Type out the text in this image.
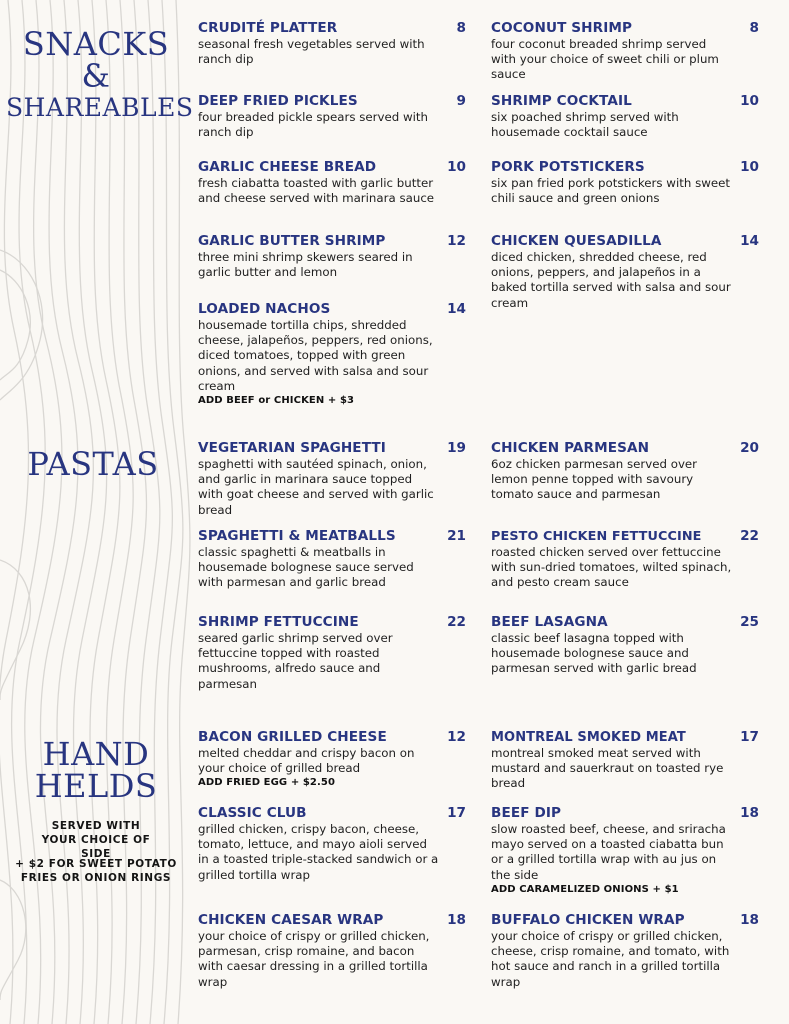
SNACKS &
SHAREABLES
PASTAS
HAND
HELDS
SERVED WITH YOUR CHOICE OF SIDE
+ $2 FOR SWEET POTATO FRIES OR ONION RINGS
CRUDITÉ PLATTER	8
seasonal fresh vegetables served with ranch dip
DEEP FRIED PICKLES	9
four breaded pickle spears served with ranch dip
GARLIC CHEESE BREAD	10
fresh ciabatta toasted with garlic butter and cheese served with marinara sauce
GARLIC BUTTER SHRIMP	12
three mini shrimp skewers seared in garlic butter and lemon
LOADED NACHOS	14
housemade tortilla chips, shredded cheese, jalapeños, peppers, red onions, diced tomatoes, topped with green onions, and served with salsa and sour cream
ADD BEEF or CHICKEN + $3
COCONUT SHRIMP	8
four coconut breaded shrimp served with your choice of sweet chili or plum sauce
SHRIMP COCKTAIL	10
six poached shrimp served with housemade cocktail sauce
PORK POTSTICKERS	10
six pan fried pork potstickers with sweet chili sauce and green onions
CHICKEN QUESADILLA	14
diced chicken, shredded cheese, red onions, peppers, and jalapeños in a baked tortilla served with salsa and sour cream
VEGETARIAN SPAGHETTI	19
spaghetti with sautéed spinach, onion, and garlic in marinara sauce topped with goat cheese and served with garlic bread
SPAGHETTI & MEATBALLS	21
classic spaghetti & meatballs in housemade bolognese sauce served with parmesan and garlic bread
SHRIMP FETTUCCINE	22
seared garlic shrimp served over fettuccine topped with roasted mushrooms, alfredo sauce and parmesan
CHICKEN PARMESAN	20
6oz chicken parmesan served over lemon penne topped with savoury tomato sauce and parmesan
PESTO CHICKEN FETTUCCINE	22
roasted chicken served over fettuccine with sun-dried tomatoes, wilted spinach, and pesto cream sauce
BEEF LASAGNA	25
classic beef lasagna topped with housemade bolognese sauce and parmesan served with garlic bread
BACON GRILLED CHEESE	12
melted cheddar and crispy bacon on your choice of grilled bread
ADD FRIED EGG + $2.50
CLASSIC CLUB	17
grilled chicken, crispy bacon, cheese, tomato, lettuce, and mayo aioli served in a toasted triple-stacked sandwich or a grilled tortilla wrap
CHICKEN CAESAR WRAP	18
your choice of crispy or grilled chicken, parmesan, crisp romaine, and bacon with caesar dressing in a grilled tortilla wrap
MONTREAL SMOKED MEAT	17
montreal smoked meat served with mustard and sauerkraut on toasted rye bread
BEEF DIP	18
slow roasted beef, cheese, and sriracha mayo served on a toasted ciabatta bun or a grilled tortilla wrap with au jus on the side
ADD CARAMELIZED ONIONS + $1
BUFFALO CHICKEN WRAP	18
your choice of crispy or grilled chicken, cheese, crisp romaine, and tomato, with hot sauce and ranch in a grilled tortilla wrap
